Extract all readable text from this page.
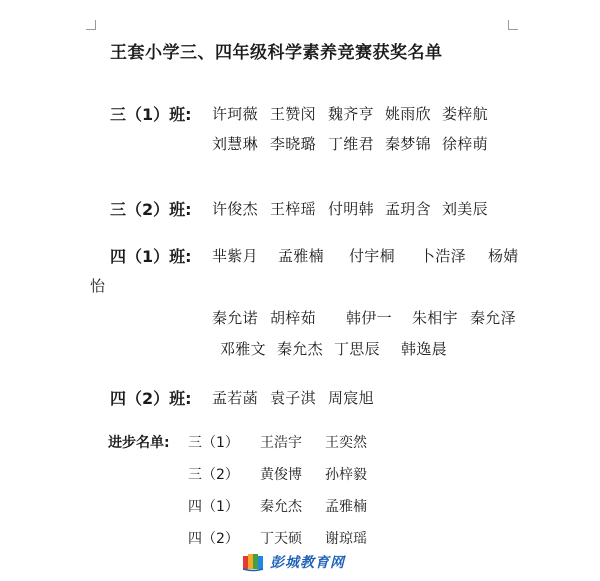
王套小学三、四年级科学素养竞赛获奖名单
三（1）班: 许珂薇 王赞闵 魏齐亨 姚雨欣 娄梓航
刘慧琳 李晓璐 丁维君 秦梦锦 徐梓萌
三（2）班: 许俊杰 王梓瑶 付明韩 孟玥含 刘美辰
四（1）班: 芈紫月 孟雅楠 付宇桐 卜浩泽 杨婧
怡
秦允诺 胡梓茹 韩伊一 朱相宇 秦允泽
邓雅文 秦允杰 丁思辰 韩逸晨
四（2）班: 孟若菡 袁子淇 周宸旭
进步名单: 三（1） 王浩宇 王奕然
三（2） 黄俊博 孙梓毅
四（1） 秦允杰 孟雅楠
四（2） 丁天硕 谢琼瑶
彭城教育网
